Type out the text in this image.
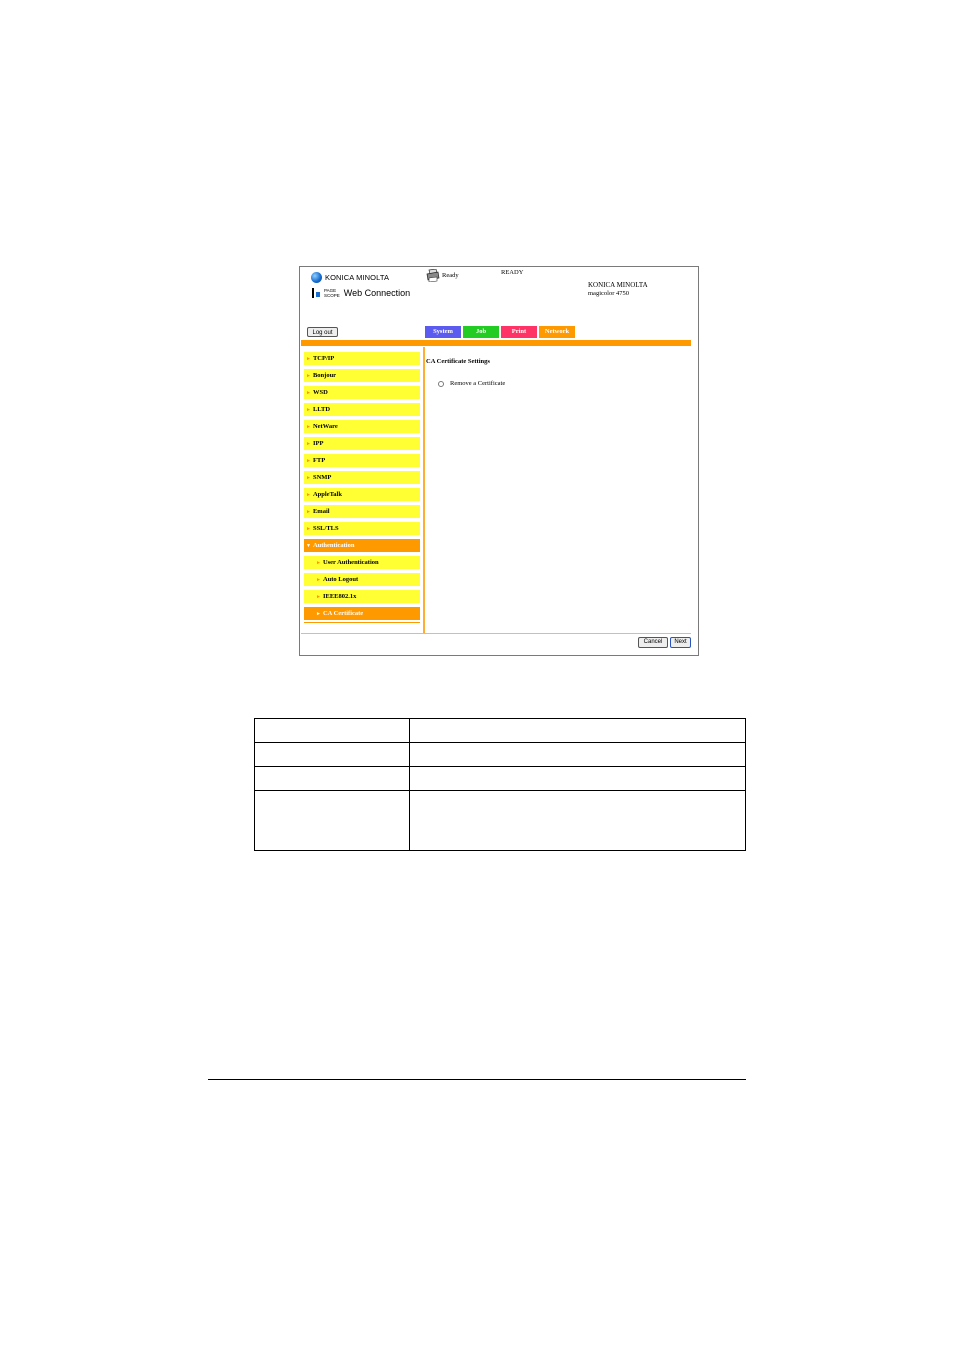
KONICA MINOLTA
PAGE
SCOPE Web Connection
Ready	READY
KONICA MINOLTA
magicolor 4750
Log out	System	Job	Print	Network
► TCP/IP
► Bonjour
► WSD
► LLTD
► NetWare
► IPP
► FTP
► SNMP
► AppleTalk
► Email
► SSL/TLS
▼ Authentication
► User Authentication
► Auto Logout
► IEEE802.1x
► CA Certificate
CA Certificate Settings
Remove a Certificate
Cancel	Next
